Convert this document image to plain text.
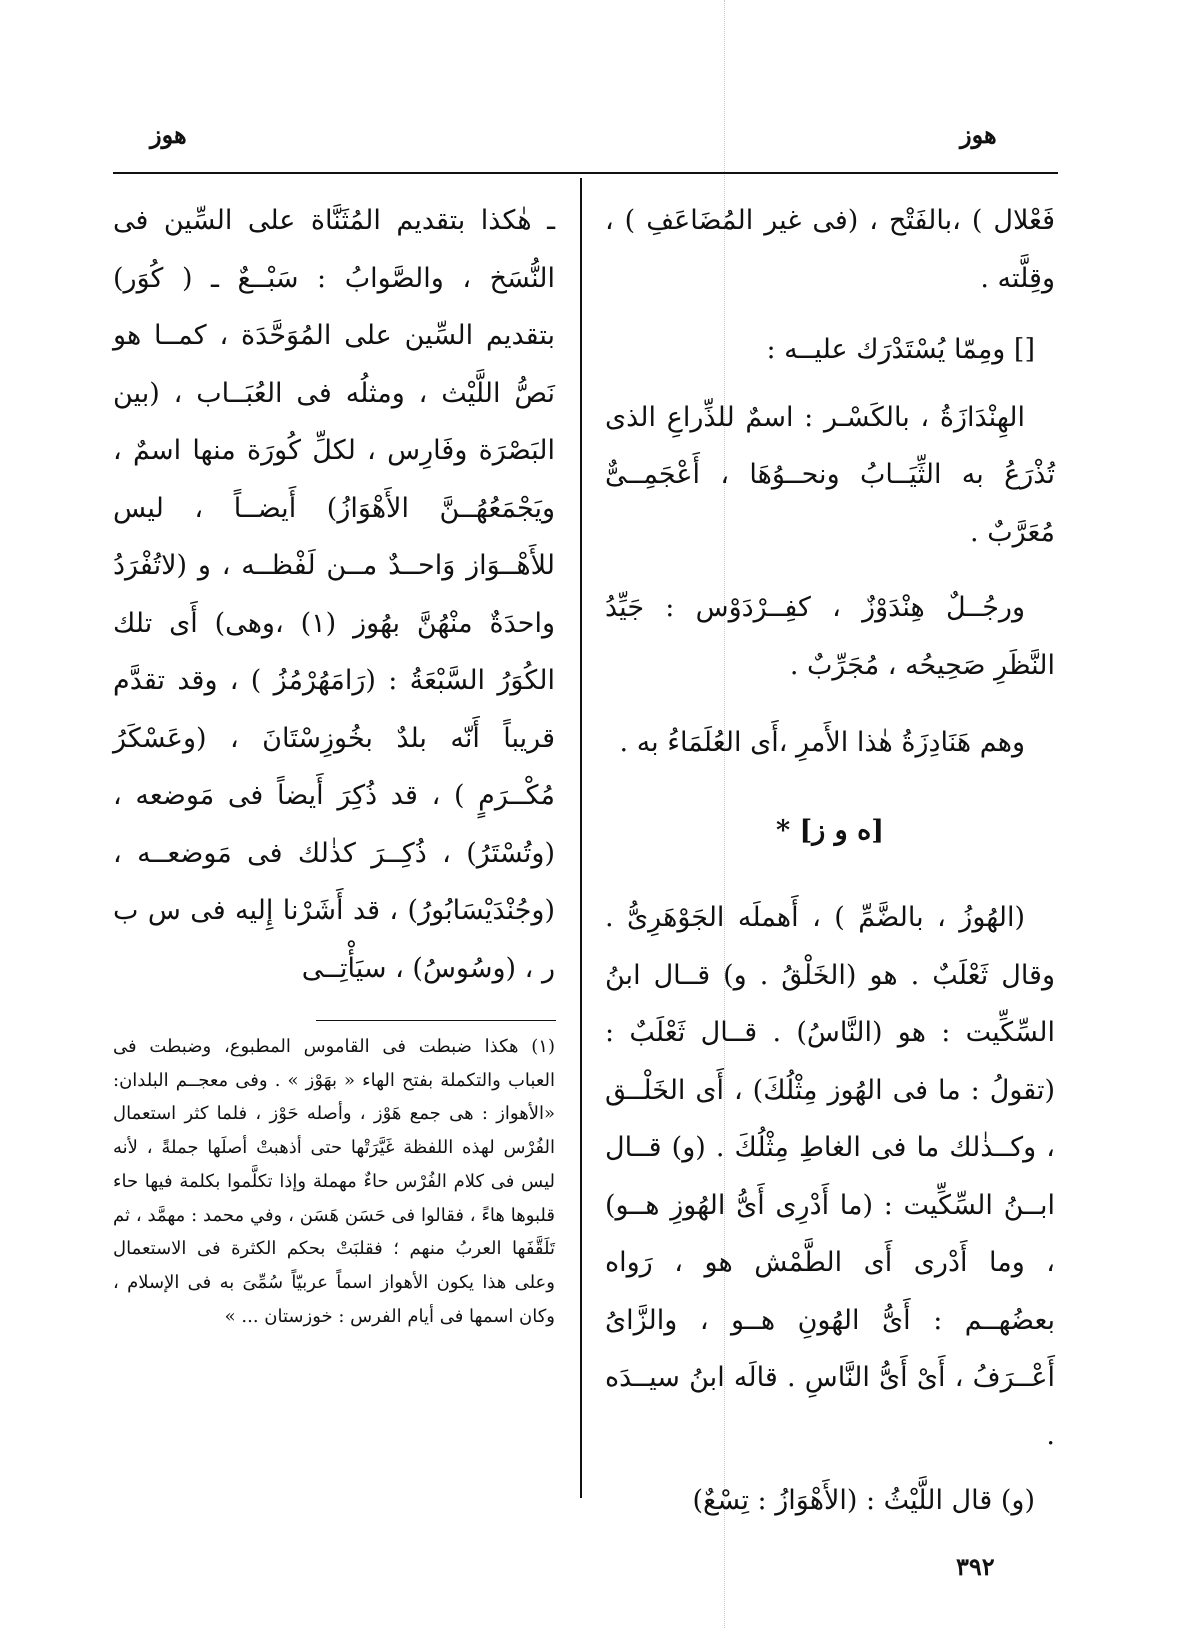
هوز
هوز

فَعْلال ) ،بالفَتْح ، (فى غير المُضَاعَفِ ) ، وقِلَّته .

[] ومِمّا يُسْتَدْرَك عليــه :

الهِنْدَازَةُ ، بالكَسْـر : اسمٌ للذِّراعِ الذى تُذْرَعُ به الثِّيَــابُ ونحــوُهَا ، أَعْجَمِــىٌّ مُعَرَّبٌ .

ورجُــلٌ هِنْدَوْزٌ ، كفِــرْدَوْس : جَيِّدُ النَّظَرِ صَحِيحُه ، مُجَرِّبٌ .

وهم هَنَادِزَةُ هٰذا الأَمرِ ،أَى العُلَمَاءُ به .

[ه و ز] *

(الهُوزُ ، بالضَّمِّ ) ، أَهملَه الجَوْهَرِىُّ . وقال ثَعْلَبٌ . هو (الخَلْقُ . و) قــال ابنُ السِّكِّيت : هو (النَّاسُ) . قــال ثَعْلَبٌ : (تقولُ : ما فى الهُوز مِثْلُكَ) ، أَى الخَلْــق ، وكــذٰلك ما فى الغاطِ مِثْلُكَ . (و) قــال ابــنُ السِّكِّيت : (ما أَدْرِى أَىُّ الهُوزِ هــو) ، وما أَدْرى أَى الطَّمْش هو ، رَواه بعضُهــم : أَىُّ الهُونِ هــو ، والزَّاىُ أَعْــرَفُ ، أَىْ أَىُّ النَّاسِ . قالَه ابنُ سيــدَه .

(و) قال اللَّيْثُ : (الأَهْوَازُ : تِسْعٌ)

ـ هٰكذا بتقديم المُثَنَّاة على السِّين فى النُّسَخ ، والصَّوابُ : سَبْــعٌ ـ ( كُوَر) بتقديم السِّين على المُوَحَّدَة ، كمــا هو نَصُّ اللَّيْث ، ومثلُه فى العُبَــاب ، (بين البَصْرَة وفَارِس ، لكلِّ كُورَة منها اسمٌ ، ويَجْمَعُهُــنَّ الأَهْوَازُ) أَيضــاً ، ليس للأَهْــوَاز وَاحــدٌ مــن لَفْظــه ، و (لاتُفْرَدُ واحدَةٌ منْهُنَّ بهُوز (١) ،وهى) أَى تلك الكُوَرُ السَّبْعَةُ : (رَامَهُرْمُزُ ) ، وقد تقدَّم قريباً أَنّه بلدٌ بخُوزِسْتَانَ ، (وعَسْكَرُ مُكْــرَمٍ ) ، قد ذُكِرَ أَيضاً فى مَوضعه ، (وتُسْتَرُ) ، ذُكِــرَ كذٰلك فى مَوضعــه ، (وجُنْدَيْسَابُورُ) ، قد أَشَرْنا إِليه فى س ب ر ، (وسُوسُ) ، سيَأْتِــى

(١) هكذا ضبطت فى القاموس المطبوع، وضبطت فى العباب والتكملة بفتح الهاء « بهَوْز » . وفى معجــم البلدان: «الأهواز : هى جمع هَوْز ، وأصله حَوْز ، فلما كثر استعمال الفُرْس لهذه اللفظة غَيَّرَتْها حتى أذهبتْ أصلَها جملةً ، لأنه ليس فى كلام الفُرْس حاءٌ مهملة وإذا تكلَّموا بكلمة فيها حاء قلبوها هاءً ، فقالوا فى حَسَن هَسَن ، وفي محمد : مهمَّد ، ثم تَلَقَّفَها العربُ منهم ؛ فقلبَتْ بحكم الكثرة فى الاستعمال وعلى هذا يكون الأهواز اسماً عربيّاً سُمِّىَ به فى الإسلام ، وكان اسمها فى أيام الفرس : خوزستان ... »

٣٩٢
